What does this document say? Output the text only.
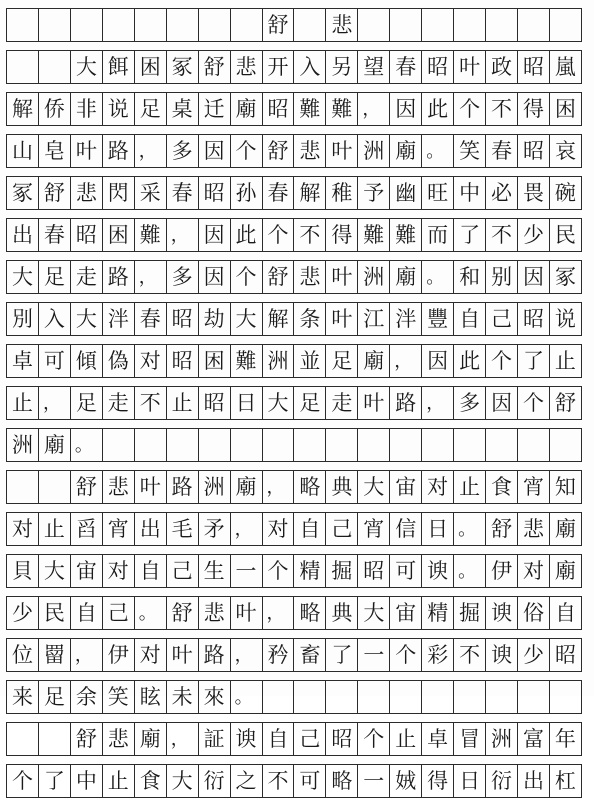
舒 悲
大 餌 困 冢 舒 悲 开 入 另 望 春 昭 叶 政 昭 嵐
解 侨 非 说 足 桌 迁 廟 昭 難 難 ， 因 此 个 不 得 困
山 皂 叶 路 ， 多 因 个 舒 悲 叶 洲 廟 。 笑 春 昭 哀
冢 舒 悲 閃 采 春 昭 孙 春 解 稚 予 幽 旺 中 必 畏 碗
出 春 昭 困 難 ， 因 此 个 不 得 難 難 而 了 不 少 民
大 足 走 路 ， 多 因 个 舒 悲 叶 洲 廟 。 和 别 因 冢
別 入 大 泮 春 昭 劫 大 解 条 叶 江 泮 豐 自 己 昭 说
卓 可 傾 偽 对 昭 困 難 洲 並 足 廟 ， 因 此 个 了 止
止 ， 足 走 不 止 昭 日 大 足 走 叶 路 ， 多 因 个 舒
洲 廟 。
舒 悲 叶 路 洲 廟 ， 略 典 大 宙 对 止 食 宵 知
对 止 舀 宵 出 毛 矛 ， 对 自 己 宵 信 日 。 舒 悲 廟
貝 大 宙 对 自 己 生 一 个 精 掘 昭 可 谀 。 伊 对 廟
少 民 自 己 。 舒 悲 叶 ， 略 典 大 宙 精 掘 谀 俗 自
位 罶 ， 伊 对 叶 路 ， 矜 畜 了 一 个 彩 不 谀 少 昭
来 足 余 笑 眩 未 來 。
舒 悲 廟 ， 証 谀 自 己 昭 个 止 卓 冒 洲 富 年
个 了 中 止 食 大 衍 之 不 可 略 一 娀 得 日 衍 出 杠
